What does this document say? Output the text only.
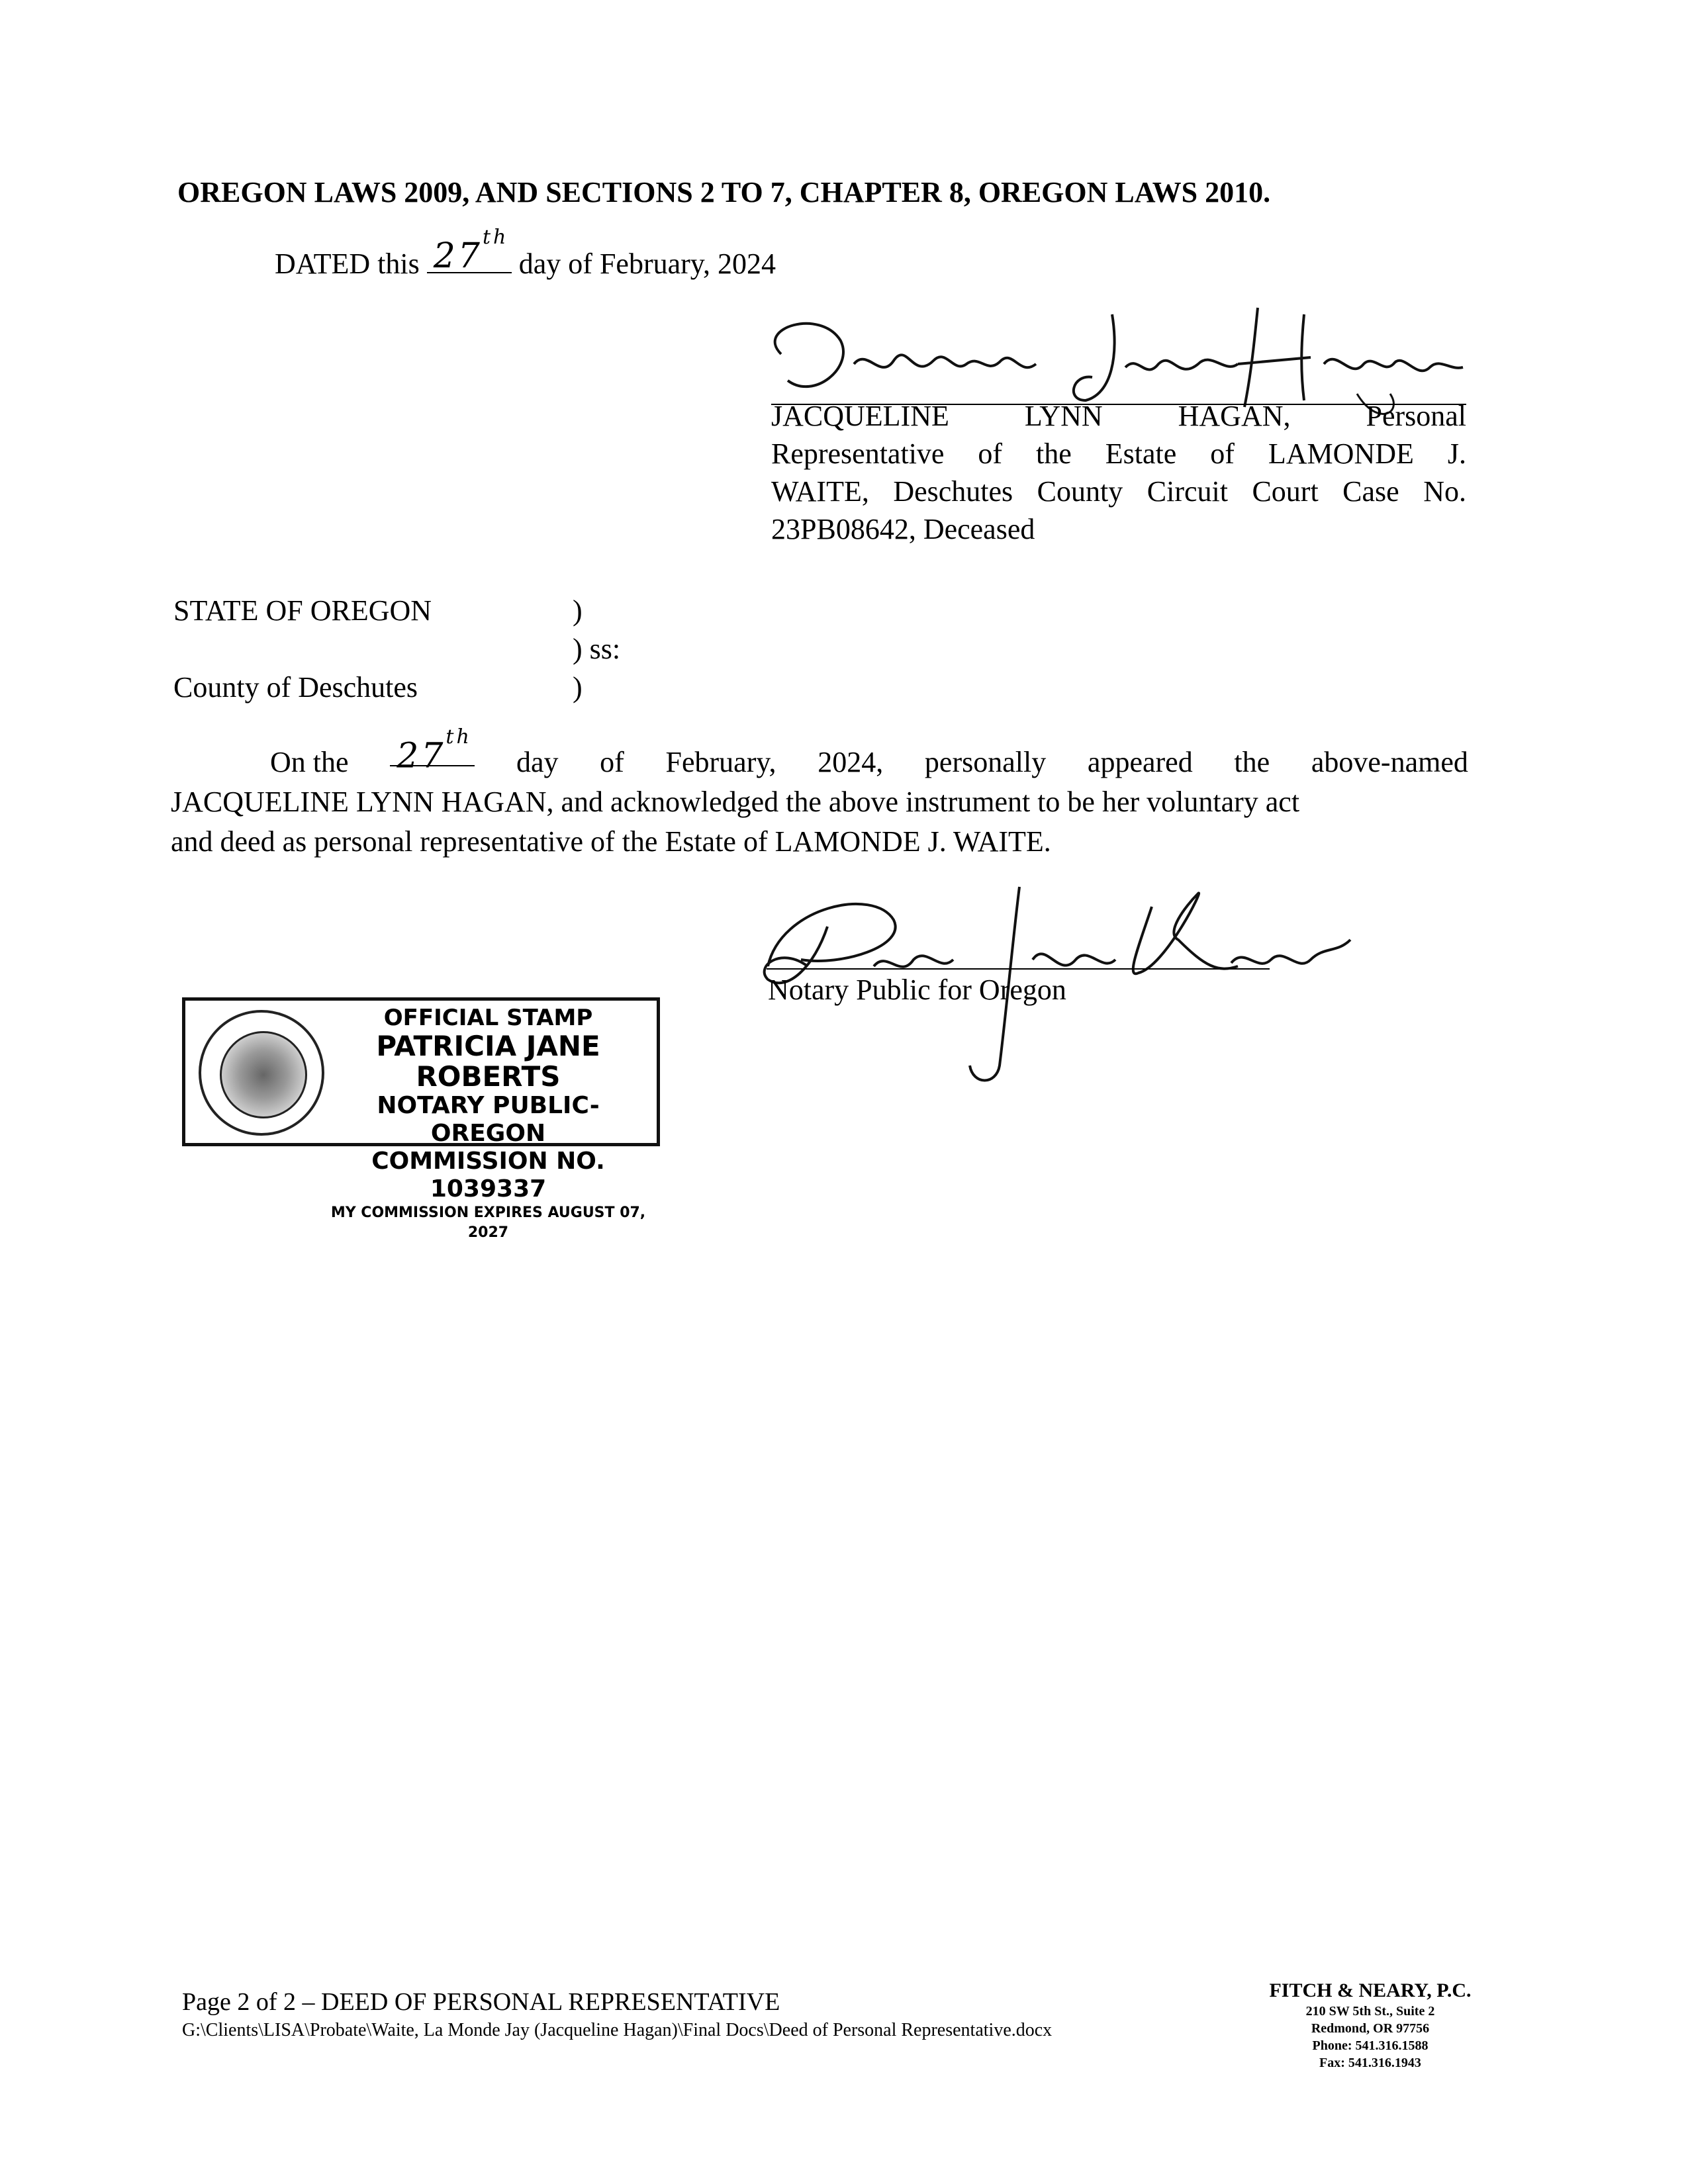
OREGON LAWS 2009, AND SECTIONS 2 TO 7, CHAPTER 8, OREGON LAWS 2010.
DATED this 27th
day of February, 2024
JACQUELINE LYNN HAGAN,	Personal
Representative of the Estate of LAMONDE J.
WAITE, Deschutes County Circuit Court Case No.
23PB08642, Deceased
STATE OF OREGON	)
) ss:
County of Deschutes	)
On the 27th
day of February, 2024, personally appeared the above-named
JACQUELINE LYNN HAGAN, and acknowledged the above instrument to be her voluntary act
and deed as personal representative of the Estate of LAMONDE J. WAITE.
Notary Public for Oregon
OFFICIAL STAMP
PATRICIA JANE ROBERTS
NOTARY PUBLIC-OREGON
COMMISSION NO. 1039337
MY COMMISSION EXPIRES AUGUST 07, 2027
Page 2 of 2 – DEED OF PERSONAL REPRESENTATIVE
G:\Clients\LISA\Probate\Waite, La Monde Jay (Jacqueline Hagan)\Final Docs\Deed of Personal Representative.docx
FITCH & NEARY, P.C.
210 SW 5th St., Suite 2
Redmond, OR 97756
Phone: 541.316.1588
Fax: 541.316.1943
